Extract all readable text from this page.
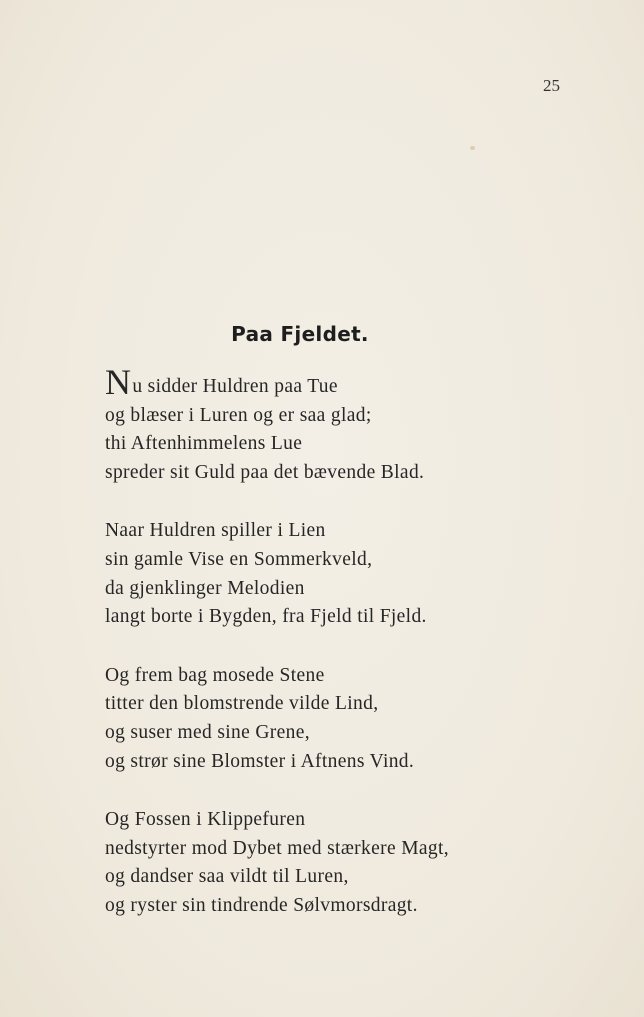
25
Paa Fjeldet.
Nu sidder Huldren paa Tue
og blæser i Luren og er saa glad;
thi Aftenhimmelens Lue
spreder sit Guld paa det bævende Blad.
Naar Huldren spiller i Lien
sin gamle Vise en Sommerkveld,
da gjenklinger Melodien
langt borte i Bygden, fra Fjeld til Fjeld.
Og frem bag mosede Stene
titter den blomstrende vilde Lind,
og suser med sine Grene,
og strør sine Blomster i Aftnens Vind.
Og Fossen i Klippefuren
nedstyrter mod Dybet med stærkere Magt,
og dandser saa vildt til Luren,
og ryster sin tindrende Sølvmorsdragt.
